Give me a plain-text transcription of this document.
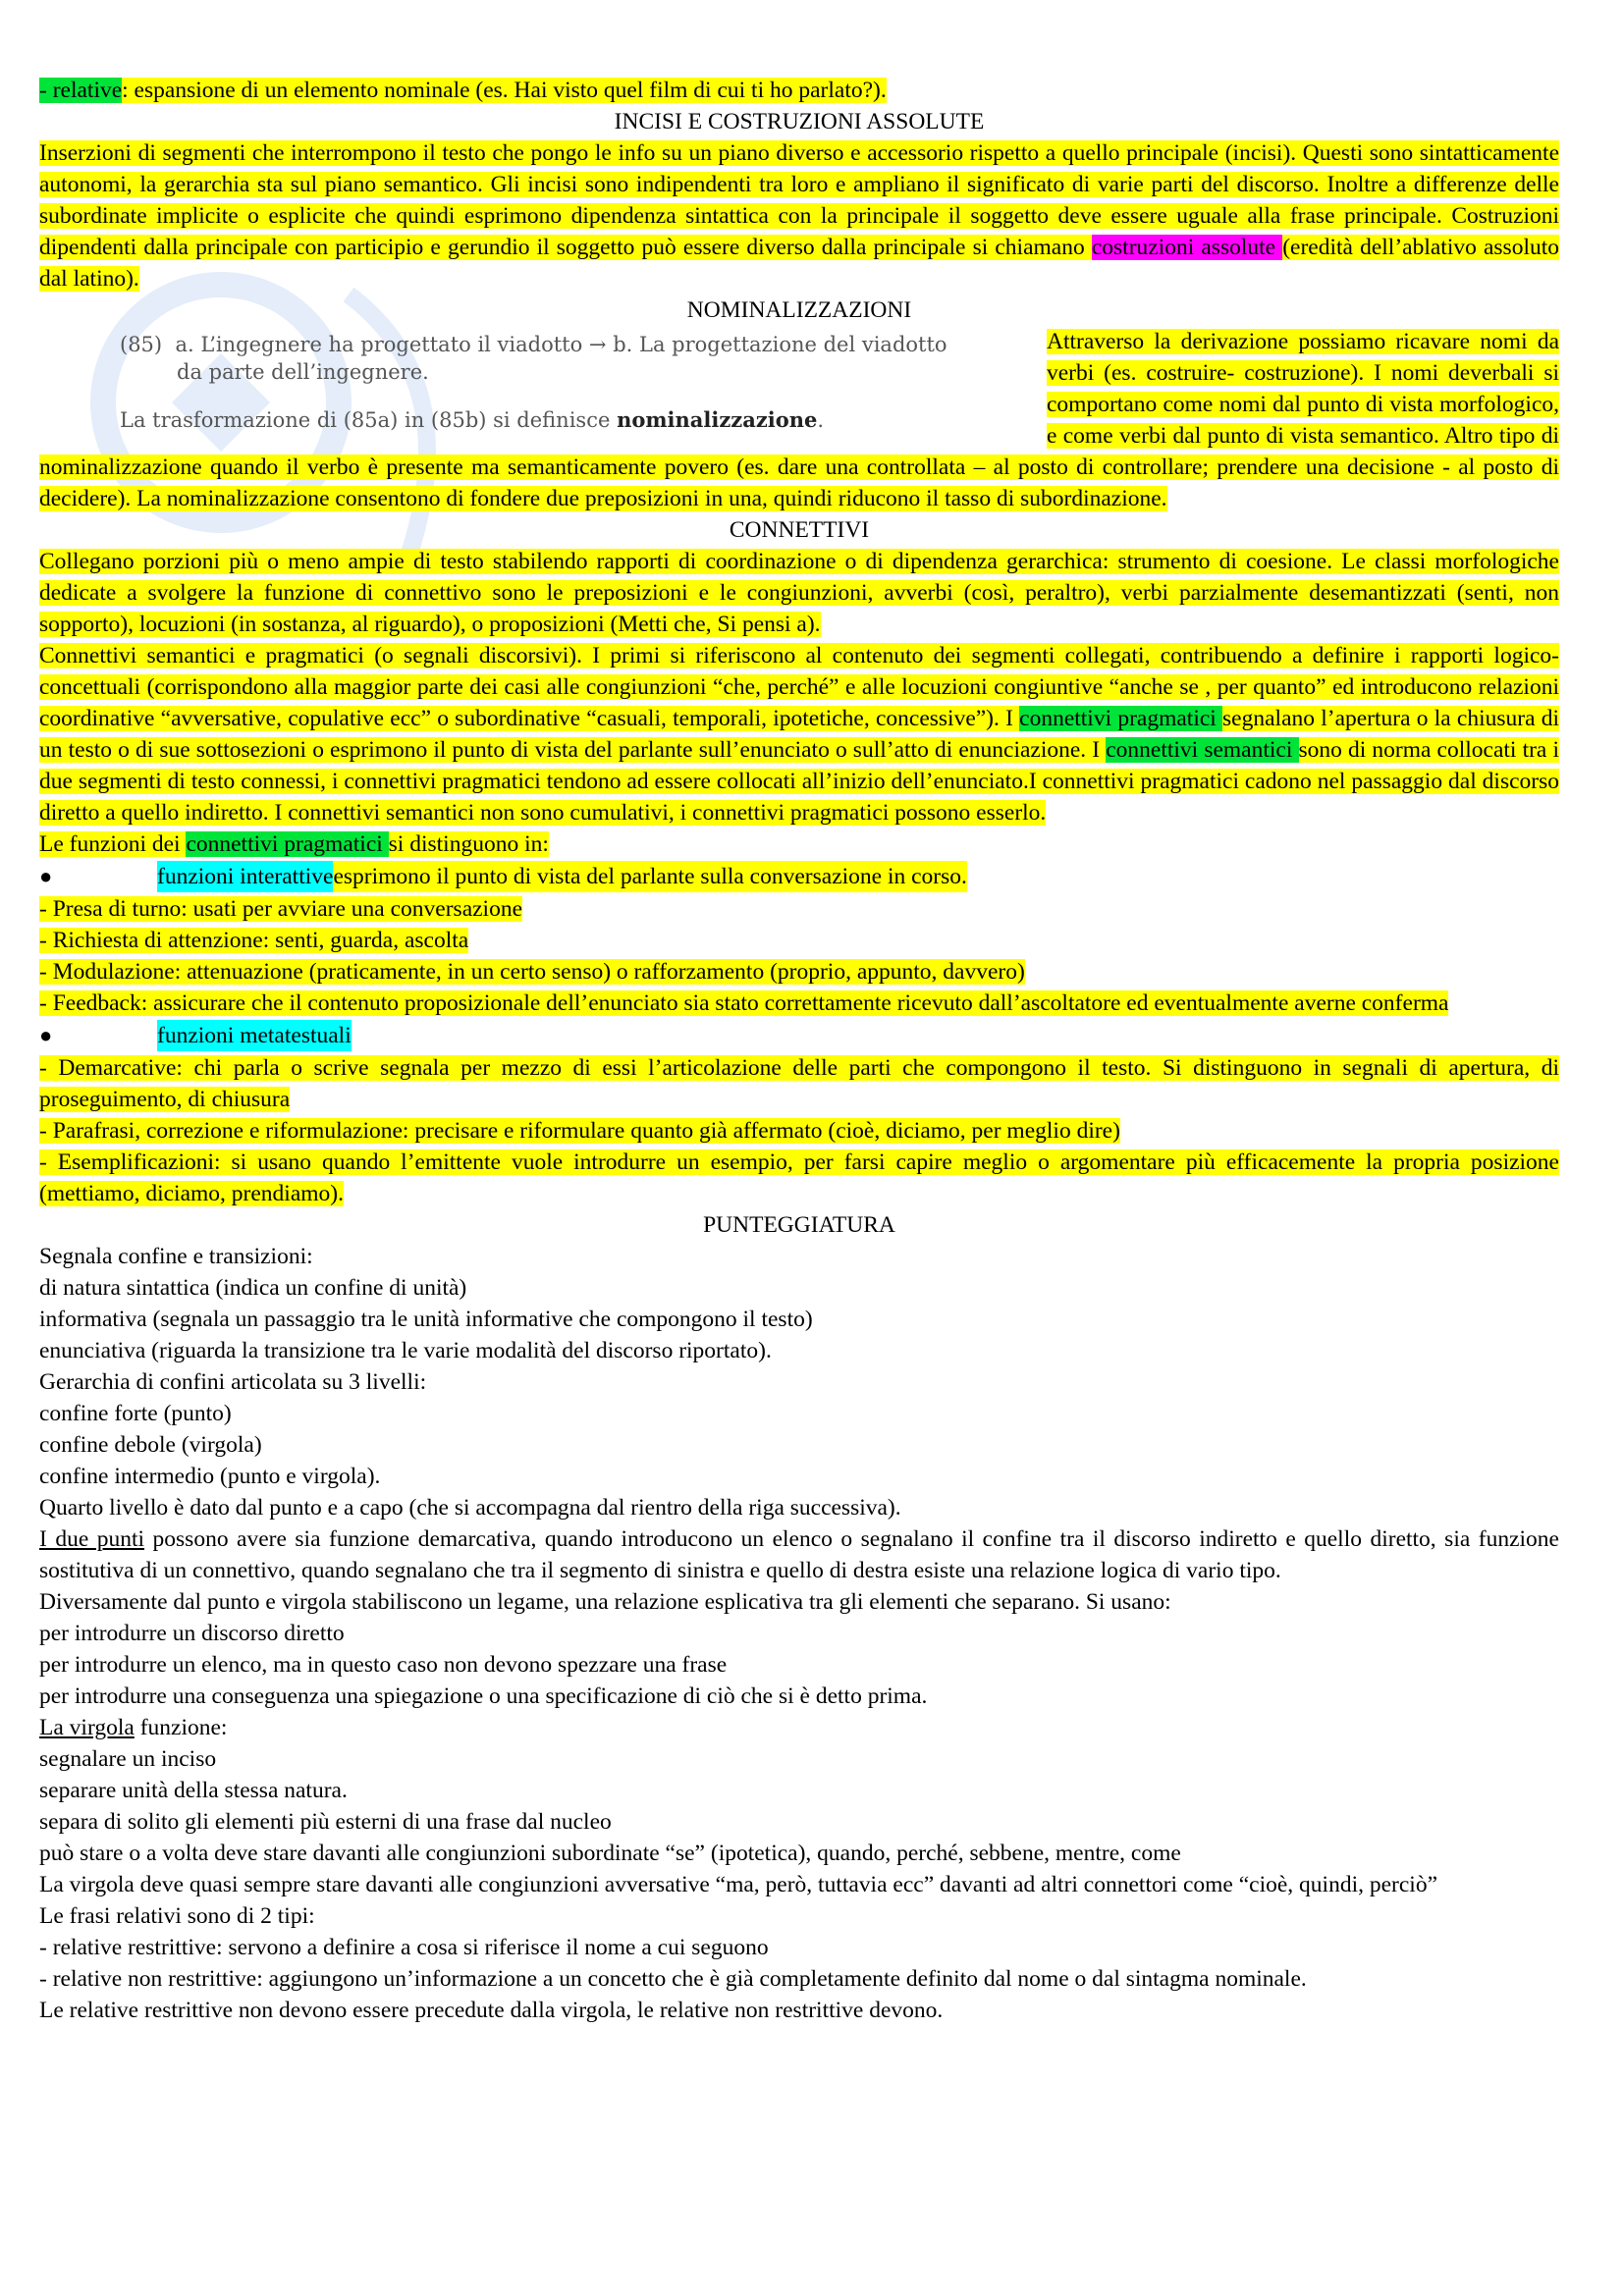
- relative: espansione di un elemento nominale (es. Hai visto quel film di cui ti ho parlato?).

INCISI E COSTRUZIONI ASSOLUTE

Inserzioni di segmenti che interrompono il testo che pongo le info su un piano diverso e accessorio rispetto a quello principale (incisi). Questi sono sintatticamente autonomi, la gerarchia sta sul piano semantico. Gli incisi sono indipendenti tra loro e ampliano il significato di varie parti del discorso. Inoltre a differenze delle subordinate implicite o esplicite che quindi esprimono dipendenza sintattica con la principale il soggetto deve essere uguale alla frase principale. Costruzioni dipendenti dalla principale con participio e gerundio il soggetto può essere diverso dalla principale si chiamano costruzioni assolute (eredità dell’ablativo assoluto dal latino).

NOMINALIZZAZIONI

(85) a. L’ingegnere ha progettato il viadotto → b. La progettazione del viadotto
da parte dell’ingegnere.
La trasformazione di (85a) in (85b) si definisce nominalizzazione.

Attraverso la derivazione possiamo ricavare nomi da verbi (es. costruire- costruzione). I nomi deverbali si comportano come nomi dal punto di vista morfologico, e come verbi dal punto di vista semantico. Altro tipo di nominalizzazione quando il verbo è presente ma semanticamente povero (es. dare una controllata – al posto di controllare; prendere una decisione - al posto di decidere). La nominalizzazione consentono di fondere due preposizioni in una, quindi riducono il tasso di subordinazione.

CONNETTIVI

Collegano porzioni più o meno ampie di testo stabilendo rapporti di coordinazione o di dipendenza gerarchica: strumento di coesione. Le classi morfologiche dedicate a svolgere la funzione di connettivo sono le preposizioni e le congiunzioni, avverbi (così, peraltro), verbi parzialmente desemantizzati (senti, non sopporto), locuzioni (in sostanza, al riguardo), o proposizioni (Metti che, Si pensi a).

Connettivi semantici e pragmatici (o segnali discorsivi). I primi si riferiscono al contenuto dei segmenti collegati, contribuendo a definire i rapporti logico-concettuali (corrispondono alla maggior parte dei casi alle congiunzioni “che, perché” e alle locuzioni congiuntive “anche se , per quanto” ed introducono relazioni coordinative “avversative, copulative ecc” o subordinative “casuali, temporali, ipotetiche, concessive”). I connettivi pragmatici segnalano l’apertura o la chiusura di un testo o di sue sottosezioni o esprimono il punto di vista del parlante sull’enunciato o sull’atto di enunciazione. I connettivi semantici sono di norma collocati tra i due segmenti di testo connessi, i connettivi pragmatici tendono ad essere collocati all’inizio dell’enunciato.I connettivi pragmatici cadono nel passaggio dal discorso diretto a quello indiretto. I connettivi semantici non sono cumulativi, i connettivi pragmatici possono esserlo.

Le funzioni dei connettivi pragmatici si distinguono in:

●	funzioni interattive esprimono il punto di vista del parlante sulla conversazione in corso.

- Presa di turno: usati per avviare una conversazione

- Richiesta di attenzione: senti, guarda, ascolta

- Modulazione: attenuazione (praticamente, in un certo senso) o rafforzamento (proprio, appunto, davvero)

- Feedback: assicurare che il contenuto proposizionale dell’enunciato sia stato correttamente ricevuto dall’ascoltatore ed eventualmente averne conferma

●	funzioni metatestuali

- Demarcative: chi parla o scrive segnala per mezzo di essi l’articolazione delle parti che compongono il testo. Si distinguono in segnali di apertura, di proseguimento, di chiusura

- Parafrasi, correzione e riformulazione: precisare e riformulare quanto già affermato (cioè, diciamo, per meglio dire)

- Esemplificazioni: si usano quando l’emittente vuole introdurre un esempio, per farsi capire meglio o argomentare più efficacemente la propria posizione (mettiamo, diciamo, prendiamo).

PUNTEGGIATURA

Segnala confine e transizioni:

di natura sintattica (indica un confine di unità)

informativa (segnala un passaggio tra le unità informative che compongono il testo)

enunciativa (riguarda la transizione tra le varie modalità del discorso riportato).

Gerarchia di confini articolata su 3 livelli:

confine forte (punto)

confine debole (virgola)

confine intermedio (punto e virgola).

Quarto livello è dato dal punto e a capo (che si accompagna dal rientro della riga successiva).

I due punti possono avere sia funzione demarcativa, quando introducono un elenco o segnalano il confine tra il discorso indiretto e quello diretto, sia funzione sostitutiva di un connettivo, quando segnalano che tra il segmento di sinistra e quello di destra esiste una relazione logica di vario tipo.

Diversamente dal punto e virgola stabiliscono un legame, una relazione esplicativa tra gli elementi che separano. Si usano:

per introdurre un discorso diretto

per introdurre un elenco, ma in questo caso non devono spezzare una frase

per introdurre una conseguenza una spiegazione o una specificazione di ciò che si è detto prima.

La virgola funzione:

segnalare un inciso

separare unità della stessa natura.

separa di solito gli elementi più esterni di una frase dal nucleo

può stare o a volta deve stare davanti alle congiunzioni subordinate “se” (ipotetica), quando, perché, sebbene, mentre, come

La virgola deve quasi sempre stare davanti alle congiunzioni avversative “ma, però, tuttavia ecc” davanti ad altri connettori come “cioè, quindi, perciò”

Le frasi relativi sono di 2 tipi:

- relative restrittive: servono a definire a cosa si riferisce il nome a cui seguono

- relative non restrittive: aggiungono un’informazione a un concetto che è già completamente definito dal nome o dal sintagma nominale.

Le relative restrittive non devono essere precedute dalla virgola, le relative non restrittive devono.
